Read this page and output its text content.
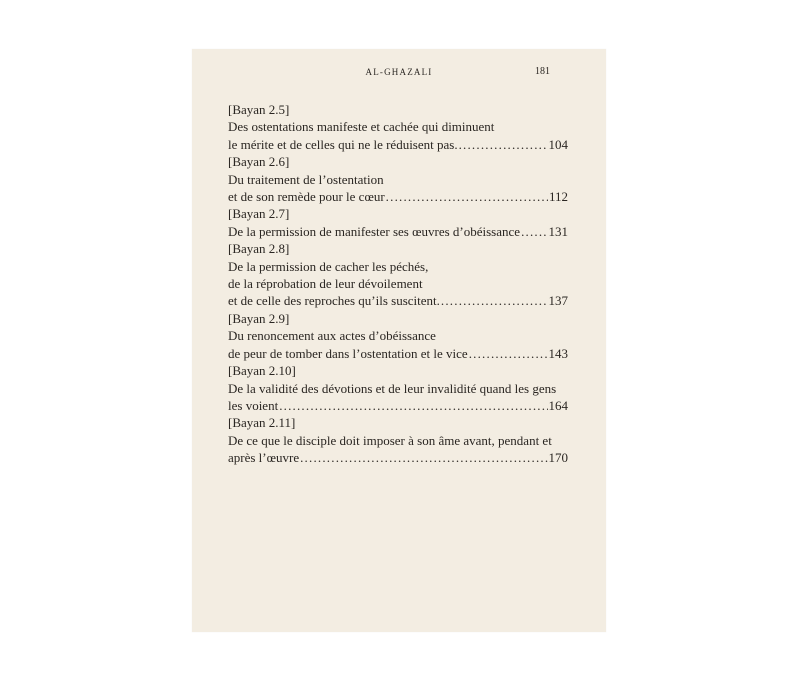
AL-GHAZALI	181
[Bayan 2.5]
Des ostentations manifeste et cachée qui diminuent
le mérite et de celles qui ne le réduisent pas. .....	104
[Bayan 2.6]
Du traitement de l’ostentation
et de son remède pour le cœur .....	112
[Bayan 2.7]
De la permission de manifester ses œuvres d’obéissance ..... 131
[Bayan 2.8]
De la permission de cacher les péchés,
de la réprobation de leur dévoilement
et de celle des reproches qu’ils suscitent. .....	137
[Bayan 2.9]
Du renoncement aux actes d’obéissance
de peur de tomber dans l’ostentation et le vice .....	143
[Bayan 2.10]
De la validité des dévotions et de leur invalidité quand les gens
les voient .....	164
[Bayan 2.11]
De ce que le disciple doit imposer à son âme avant, pendant et
après l’œuvre .....	170
